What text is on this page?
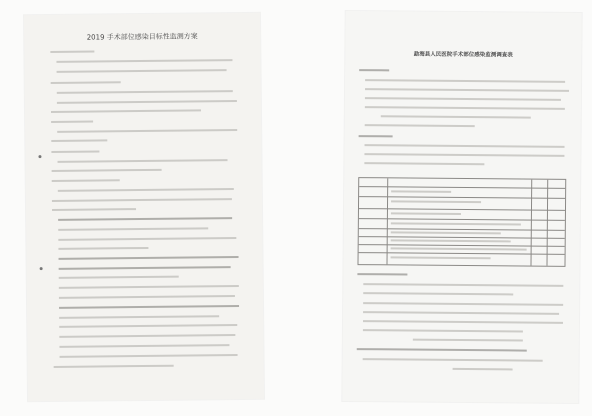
2019 手术部位感染目标性监测方案
勐海县人民医院手术部位感染监测调查表
